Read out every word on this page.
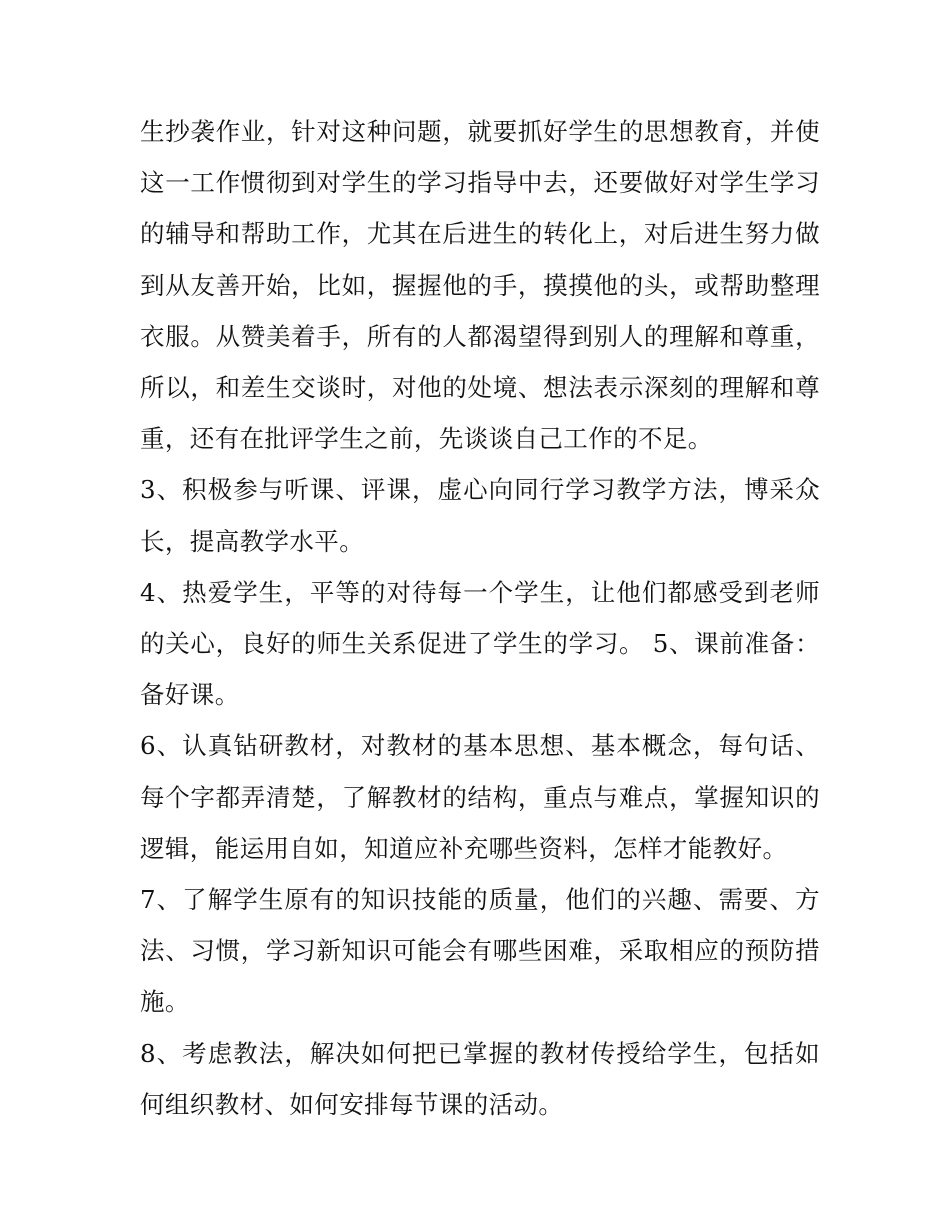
生抄袭作业，针对这种问题，就要抓好学生的思想教育，并使这一工作惯彻到对学生的学习指导中去，还要做好对学生学习的辅导和帮助工作，尤其在后进生的转化上，对后进生努力做到从友善开始，比如，握握他的手，摸摸他的头，或帮助整理衣服。从赞美着手，所有的人都渴望得到别人的理解和尊重，所以，和差生交谈时，对他的处境、想法表示深刻的理解和尊重，还有在批评学生之前，先谈谈自己工作的不足。

3、积极参与听课、评课，虚心向同行学习教学方法，博采众长，提高教学水平。

4、热爱学生，平等的对待每一个学生，让他们都感受到老师的关心，良好的师生关系促进了学生的学习。 5、课前准备：备好课。

6、认真钻研教材，对教材的基本思想、基本概念，每句话、每个字都弄清楚，了解教材的结构，重点与难点，掌握知识的逻辑，能运用自如，知道应补充哪些资料，怎样才能教好。

7、了解学生原有的知识技能的质量，他们的兴趣、需要、方法、习惯，学习新知识可能会有哪些困难，采取相应的预防措施。

8、考虑教法，解决如何把已掌握的教材传授给学生，包括如何组织教材、如何安排每节课的活动。
